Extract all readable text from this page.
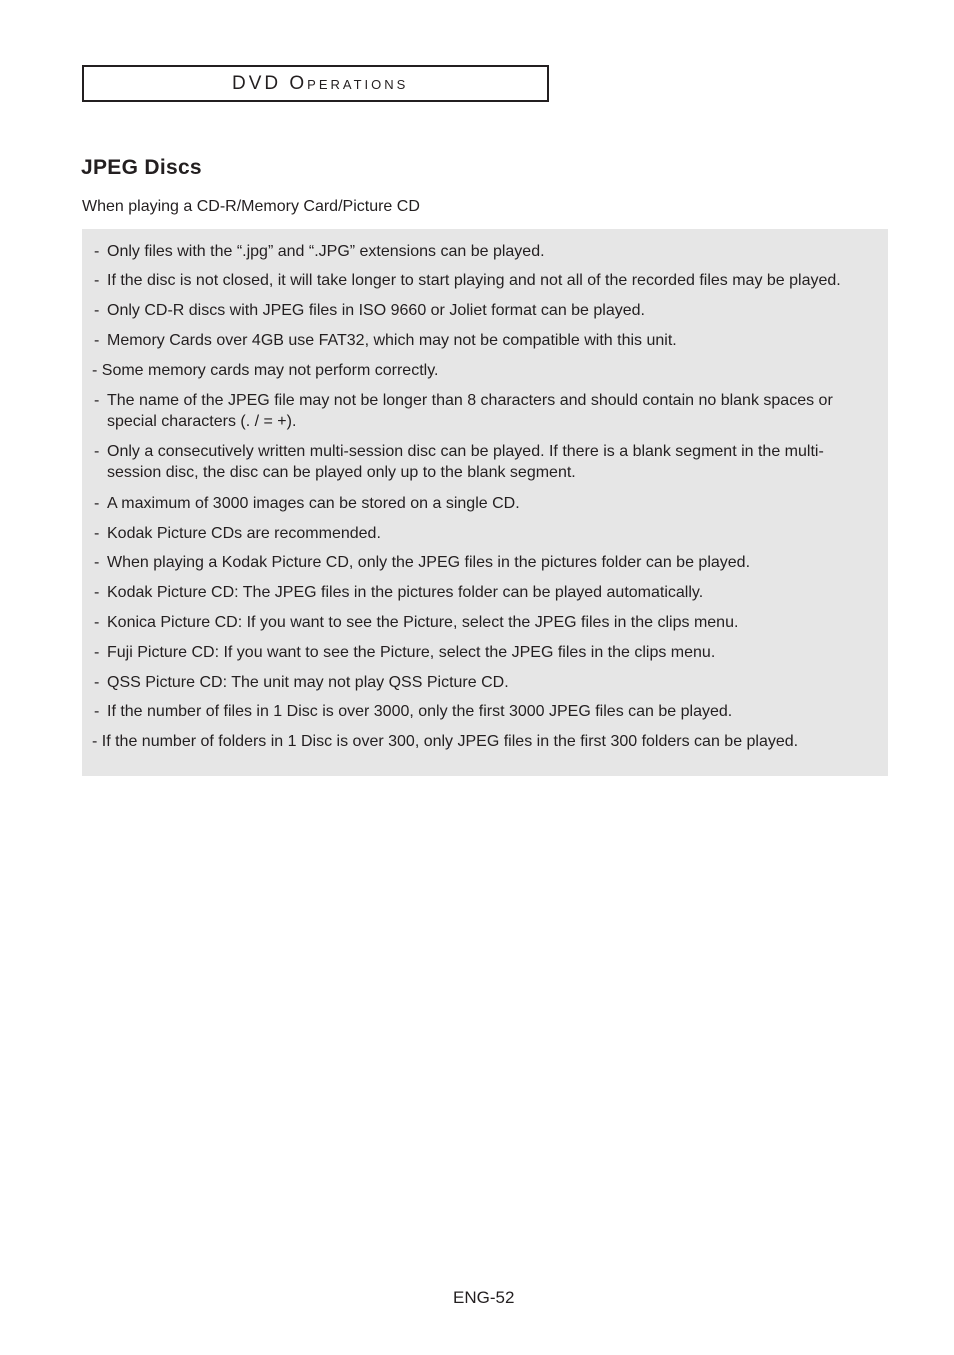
DVD Operations
JPEG Discs
When playing a CD-R/Memory Card/Picture CD
- Only files with the “.jpg” and “.JPG” extensions can be played.
- If the disc is not closed, it will take longer to start playing and not all of the recorded files may be played.
- Only CD-R discs with JPEG files in ISO 9660 or Joliet format can be played.
- Memory Cards over 4GB use FAT32, which may not be compatible with this unit.
- Some memory cards may not perform correctly.
- The name of the JPEG file may not be longer than 8 characters and should contain no blank spaces or special characters (. / = +).
- Only a consecutively written multi-session disc can be played. If there is a blank segment in the multi-session disc, the disc can be played only up to the blank segment.
- A maximum of 3000 images can be stored on a single CD.
- Kodak Picture CDs are recommended.
- When playing a Kodak Picture CD, only the JPEG files in the pictures folder can be played.
- Kodak Picture CD: The JPEG files in the pictures folder can be played automatically.
- Konica Picture CD: If you want to see the Picture, select the JPEG files in the clips menu.
- Fuji Picture CD: If you want to see the Picture, select the JPEG files in the clips menu.
- QSS Picture CD: The unit may not play QSS Picture CD.
- If the number of files in 1 Disc is over 3000, only the first 3000 JPEG files can be played.
- If the number of folders in 1 Disc is over 300, only JPEG files in the first 300 folders can be played.
ENG-52
